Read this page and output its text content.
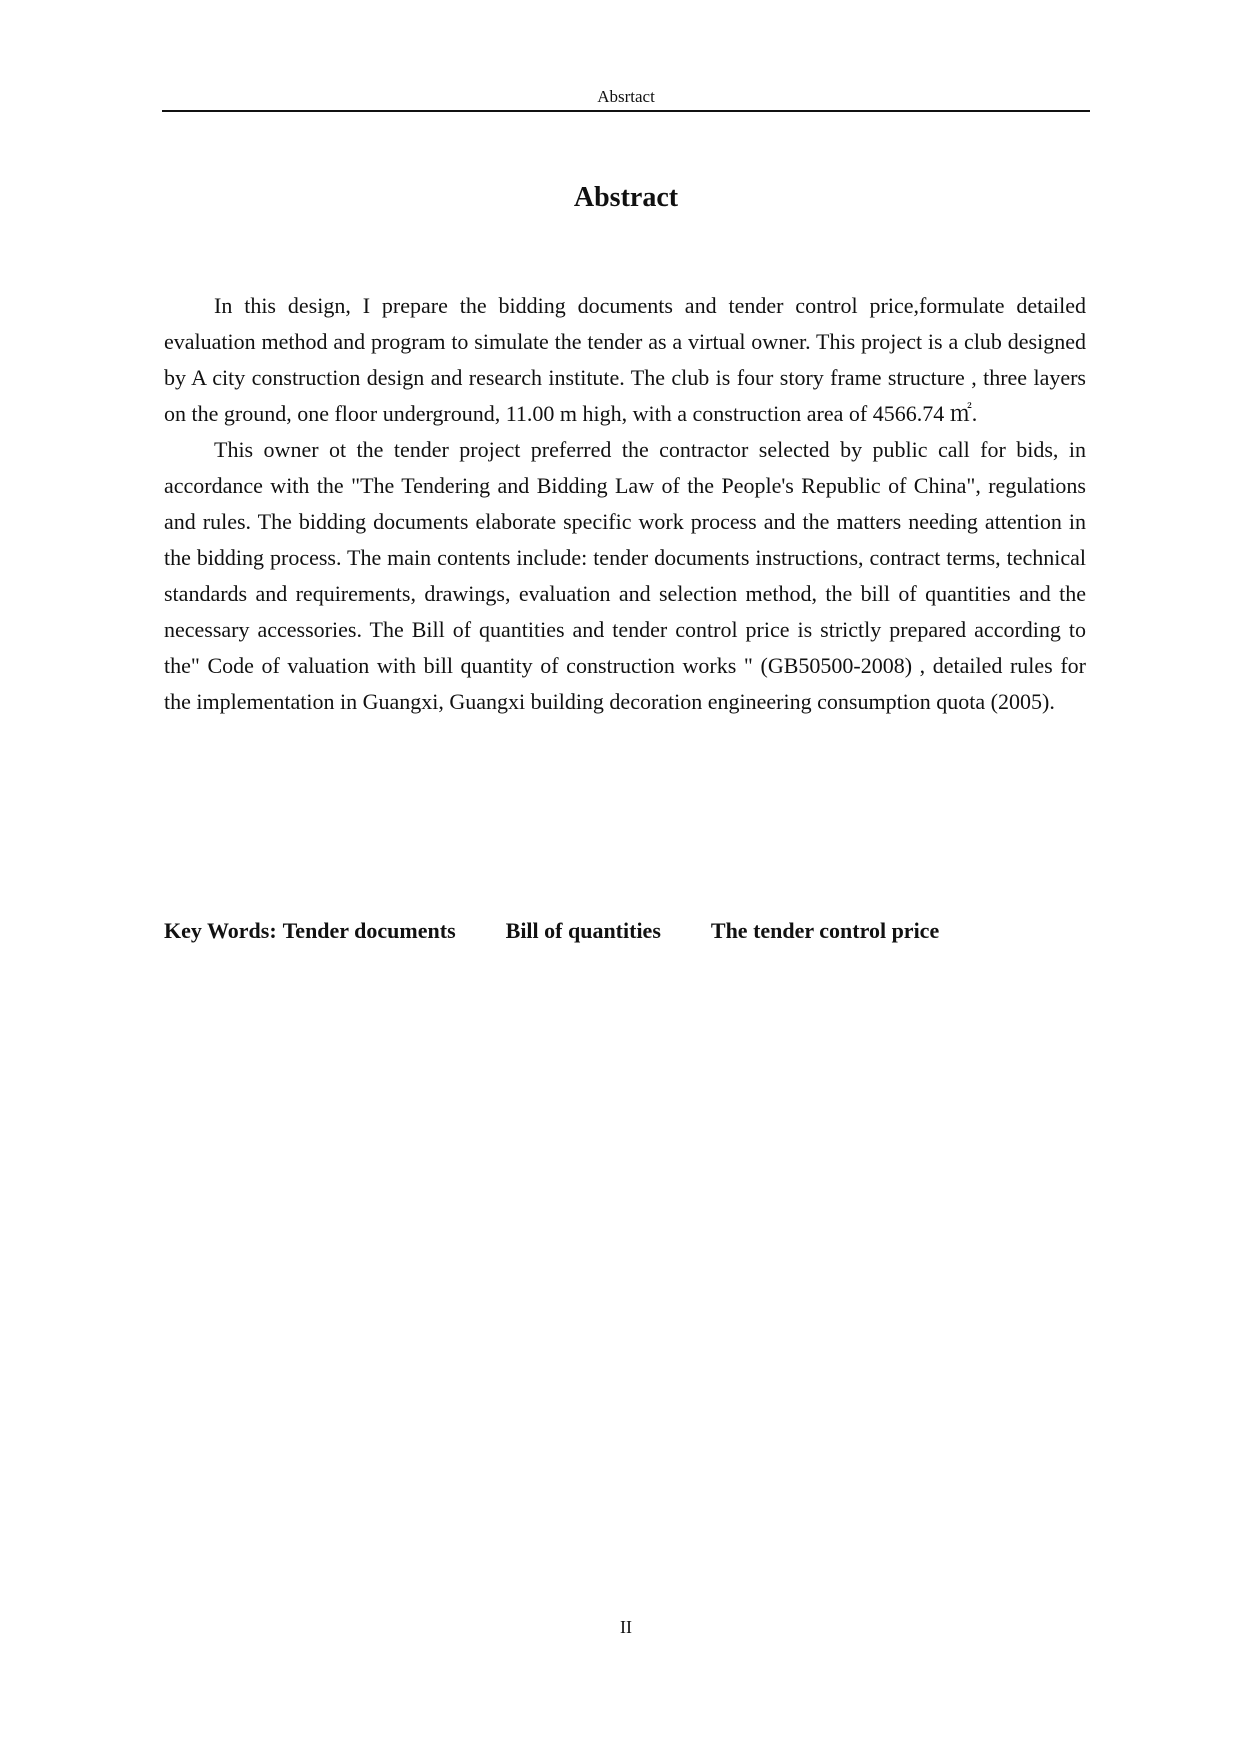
Absrtact
Abstract

In this design, I prepare the bidding documents and tender control price,formulate detailed evaluation method and program to simulate the tender as a virtual owner. This project is a club designed by A city construction design and research institute. The club is four story frame structure , three layers on the ground, one floor underground, 11.00 m high, with a construction area of 4566.74 ㎡.

This owner ot the tender project preferred the contractor selected by public call for bids, in accordance with the "The Tendering and Bidding Law of the People's Republic of China", regulations and rules. The bidding documents elaborate specific work process and the matters needing attention in the bidding process. The main contents include: tender documents instructions, contract terms, technical standards and requirements, drawings, evaluation and selection method, the bill of quantities and the necessary accessories. The Bill of quantities and tender control price is strictly prepared according to the" Code of valuation with bill quantity of construction works " (GB50500-2008) , detailed rules for the implementation in Guangxi, Guangxi building decoration engineering consumption quota (2005).

Key Words: Tender documents Bill of quantities The tender control price
II
